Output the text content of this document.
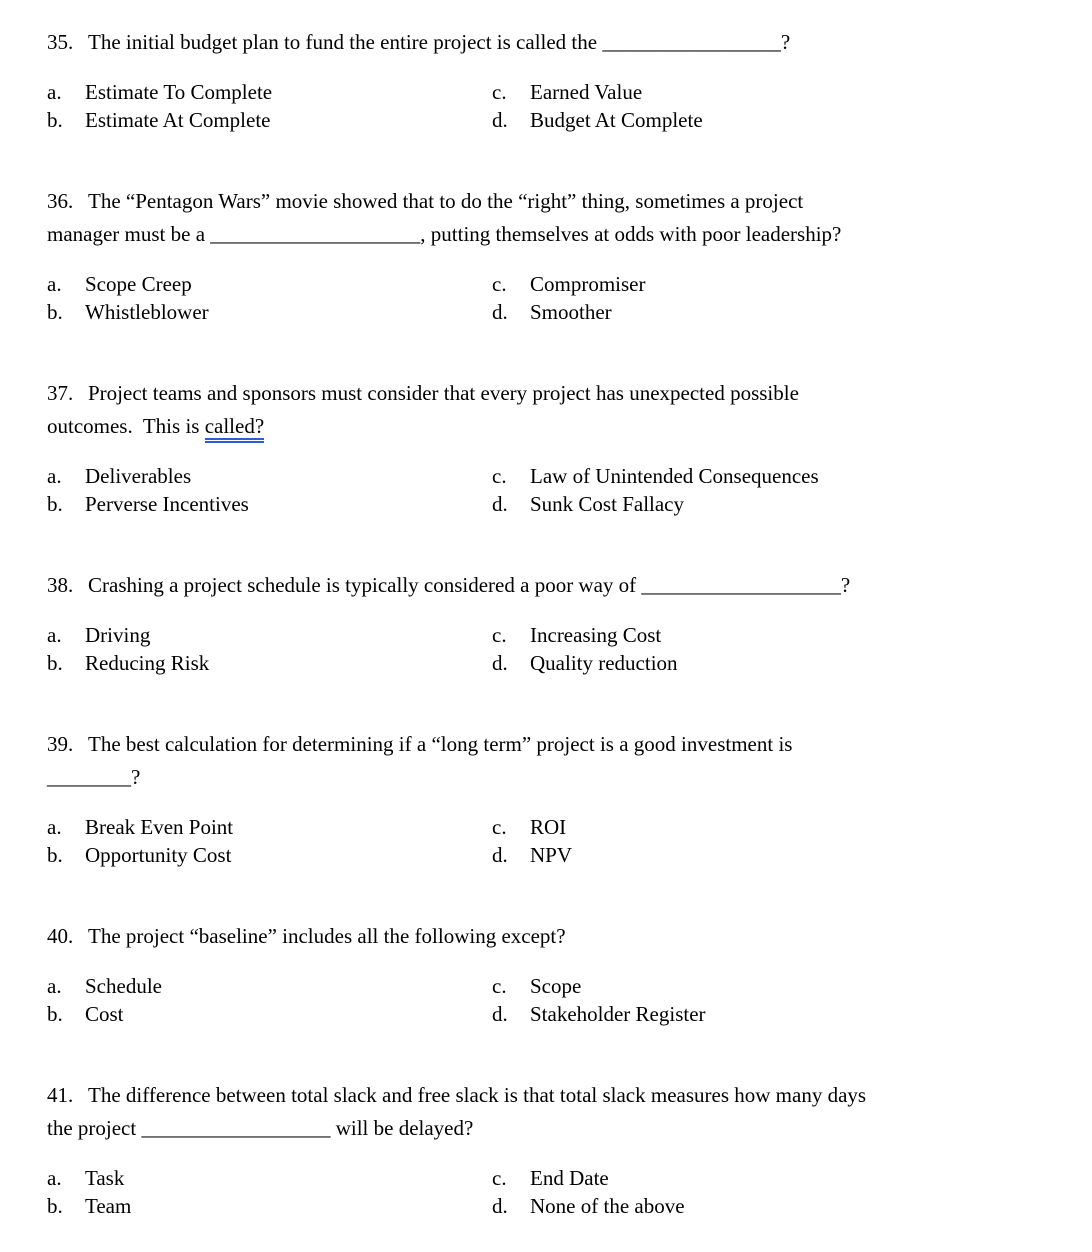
35. The initial budget plan to fund the entire project is called the _________________?

a. Estimate To Complete
b. Estimate At Complete
c. Earned Value
d. Budget At Complete

36. The “Pentagon Wars” movie showed that to do the “right” thing, sometimes a project

manager must be a ____________________, putting themselves at odds with poor leadership?

a. Scope Creep
b. Whistleblower
c. Compromiser
d. Smoother

37. Project teams and sponsors must consider that every project has unexpected possible

outcomes.  This is called?

a. Deliverables
b. Perverse Incentives
c. Law of Unintended Consequences
d. Sunk Cost Fallacy

38. Crashing a project schedule is typically considered a poor way of ___________________?

a. Driving
b. Reducing Risk
c. Increasing Cost
d. Quality reduction

39. The best calculation for determining if a “long term” project is a good investment is

________?

a. Break Even Point
b. Opportunity Cost
c. ROI
d. NPV

40. The project “baseline” includes all the following except?

a. Schedule
b. Cost
c. Scope
d. Stakeholder Register

41. The difference between total slack and free slack is that total slack measures how many days

the project __________________ will be delayed?

a. Task
b. Team
c. End Date
d. None of the above
